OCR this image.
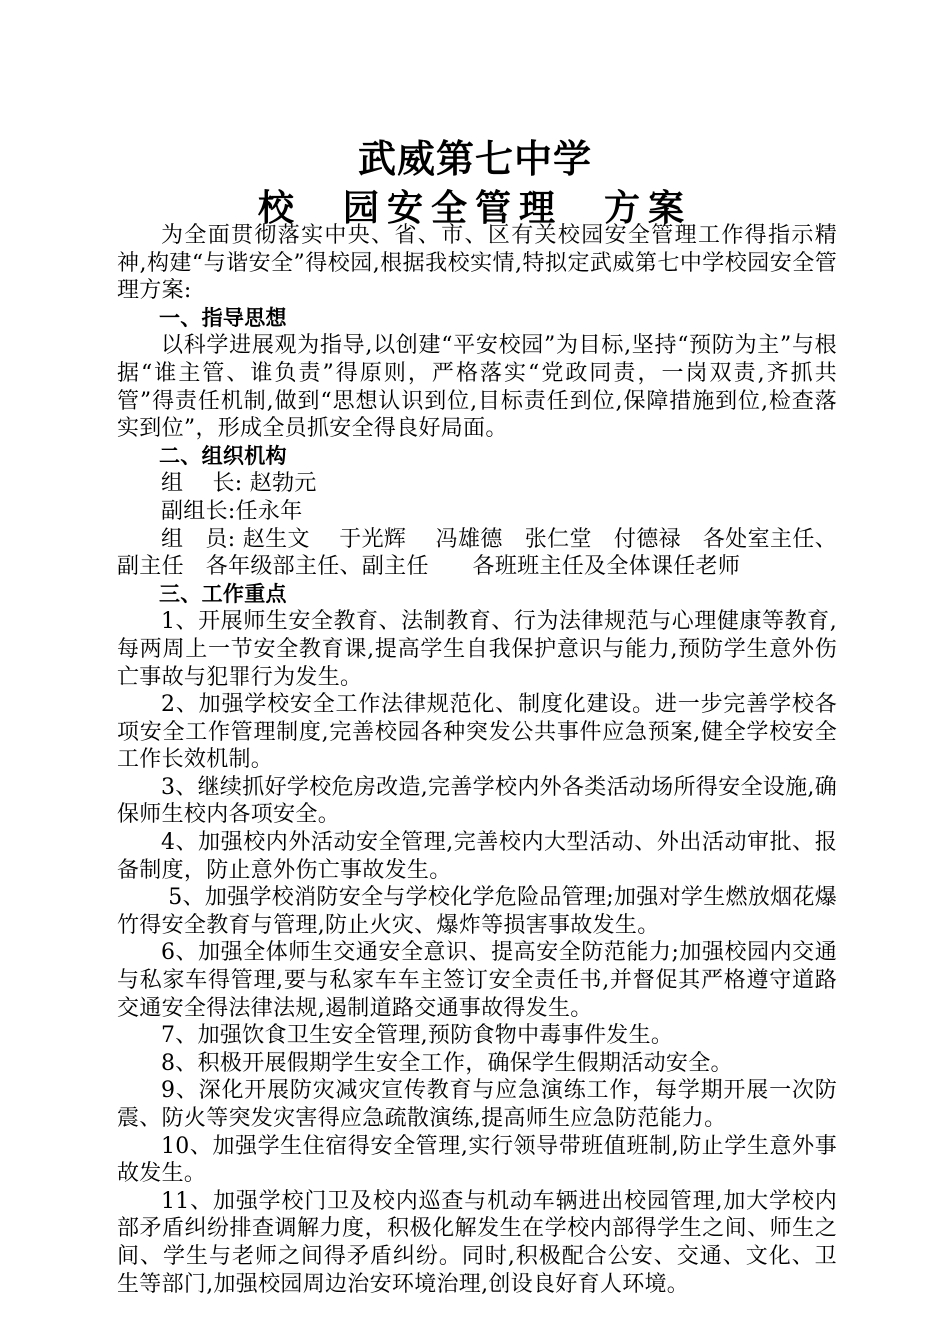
武威第七中学
校  园安全管理  方案

为全面贯彻落实中央、省、市、区有关校园安全管理工作得指示精神,构建“与谐安全”得校园,根据我校实情,特拟定武威第七中学校园安全管理方案:

一、指导思想

以科学进展观为指导,以创建“平安校园”为目标,坚持“预防为主”与根据“谁主管、谁负责”得原则，严格落实“党政同责，一岗双责,齐抓共管”得责任机制,做到“思想认识到位,目标责任到位,保障措施到位,检查落实到位”，形成全员抓安全得良好局面。

二、组织机构

组    长: 赵勃元

副组长:任永年

组   员: 赵生文    于光辉    冯雄德   张仁堂   付德禄   各处室主任、副主任   各年级部主任、副主任      各班班主任及全体课任老师

三、工作重点

1、开展师生安全教育、法制教育、行为法律规范与心理健康等教育,每两周上一节安全教育课,提高学生自我保护意识与能力,预防学生意外伤亡事故与犯罪行为发生。

2、加强学校安全工作法律规范化、制度化建设。进一步完善学校各项安全工作管理制度,完善校园各种突发公共事件应急预案,健全学校安全工作长效机制。

3、继续抓好学校危房改造,完善学校内外各类活动场所得安全设施,确保师生校内各项安全。

4、加强校内外活动安全管理,完善校内大型活动、外出活动审批、报备制度，防止意外伤亡事故发生。

5、加强学校消防安全与学校化学危险品管理;加强对学生燃放烟花爆竹得安全教育与管理,防止火灾、爆炸等损害事故发生。

6、加强全体师生交通安全意识、提高安全防范能力;加强校园内交通与私家车得管理,要与私家车车主签订安全责任书,并督促其严格遵守道路交通安全得法律法规,遏制道路交通事故得发生。

7、加强饮食卫生安全管理,预防食物中毒事件发生。

8、积极开展假期学生安全工作，确保学生假期活动安全。

9、深化开展防灾减灾宣传教育与应急演练工作，每学期开展一次防震、防火等突发灾害得应急疏散演练,提高师生应急防范能力。

10、加强学生住宿得安全管理,实行领导带班值班制,防止学生意外事故发生。

11、加强学校门卫及校内巡查与机动车辆进出校园管理,加大学校内部矛盾纠纷排查调解力度，积极化解发生在学校内部得学生之间、师生之间、学生与老师之间得矛盾纠纷。同时,积极配合公安、交通、文化、卫生等部门,加强校园周边治安环境治理,创设良好育人环境。
